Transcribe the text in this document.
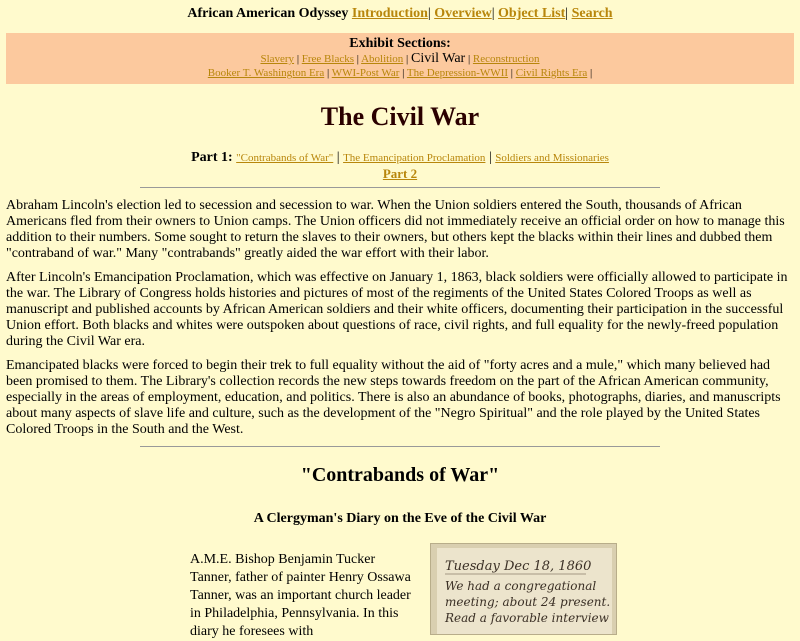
African American Odyssey Introduction| Overview| Object List| Search
Exhibit Sections:
Slavery | Free Blacks | Abolition | Civil War | Reconstruction
Booker T. Washington Era | WWI-Post War | The Depression-WWII | Civil Rights Era |
The Civil War
Part 1: "Contrabands of War" | The Emancipation Proclamation | Soldiers and Missionaries
Part 2

Abraham Lincoln's election led to secession and secession to war. When the Union soldiers entered the South, thousands of African Americans fled from their owners to Union camps. The Union officers did not immediately receive an official order on how to manage this addition to their numbers. Some sought to return the slaves to their owners, but others kept the blacks within their lines and dubbed them "contraband of war." Many "contrabands" greatly aided the war effort with their labor.

After Lincoln's Emancipation Proclamation, which was effective on January 1, 1863, black soldiers were officially allowed to participate in the war. The Library of Congress holds histories and pictures of most of the regiments of the United States Colored Troops as well as manuscript and published accounts by African American soldiers and their white officers, documenting their participation in the successful Union effort. Both blacks and whites were outspoken about questions of race, civil rights, and full equality for the newly-freed population during the Civil War era.

Emancipated blacks were forced to begin their trek to full equality without the aid of "forty acres and a mule," which many believed had been promised to them. The Library's collection records the new steps towards freedom on the part of the African American community, especially in the areas of employment, education, and politics. There is also an abundance of books, photographs, diaries, and manuscripts about many aspects of slave life and culture, such as the development of the "Negro Spiritual" and the role played by the United States Colored Troops in the South and the West.

"Contrabands of War"
A Clergyman's Diary on the Eve of the Civil War
A.M.E. Bishop Benjamin Tucker Tanner, father of painter Henry Ossawa Tanner, was an important church leader in Philadelphia, Pennsylvania. In this diary he foresees with
Tuesday Dec 18, 1860
We had a congregational
meeting; about 24 present.
Read a favorable interview
